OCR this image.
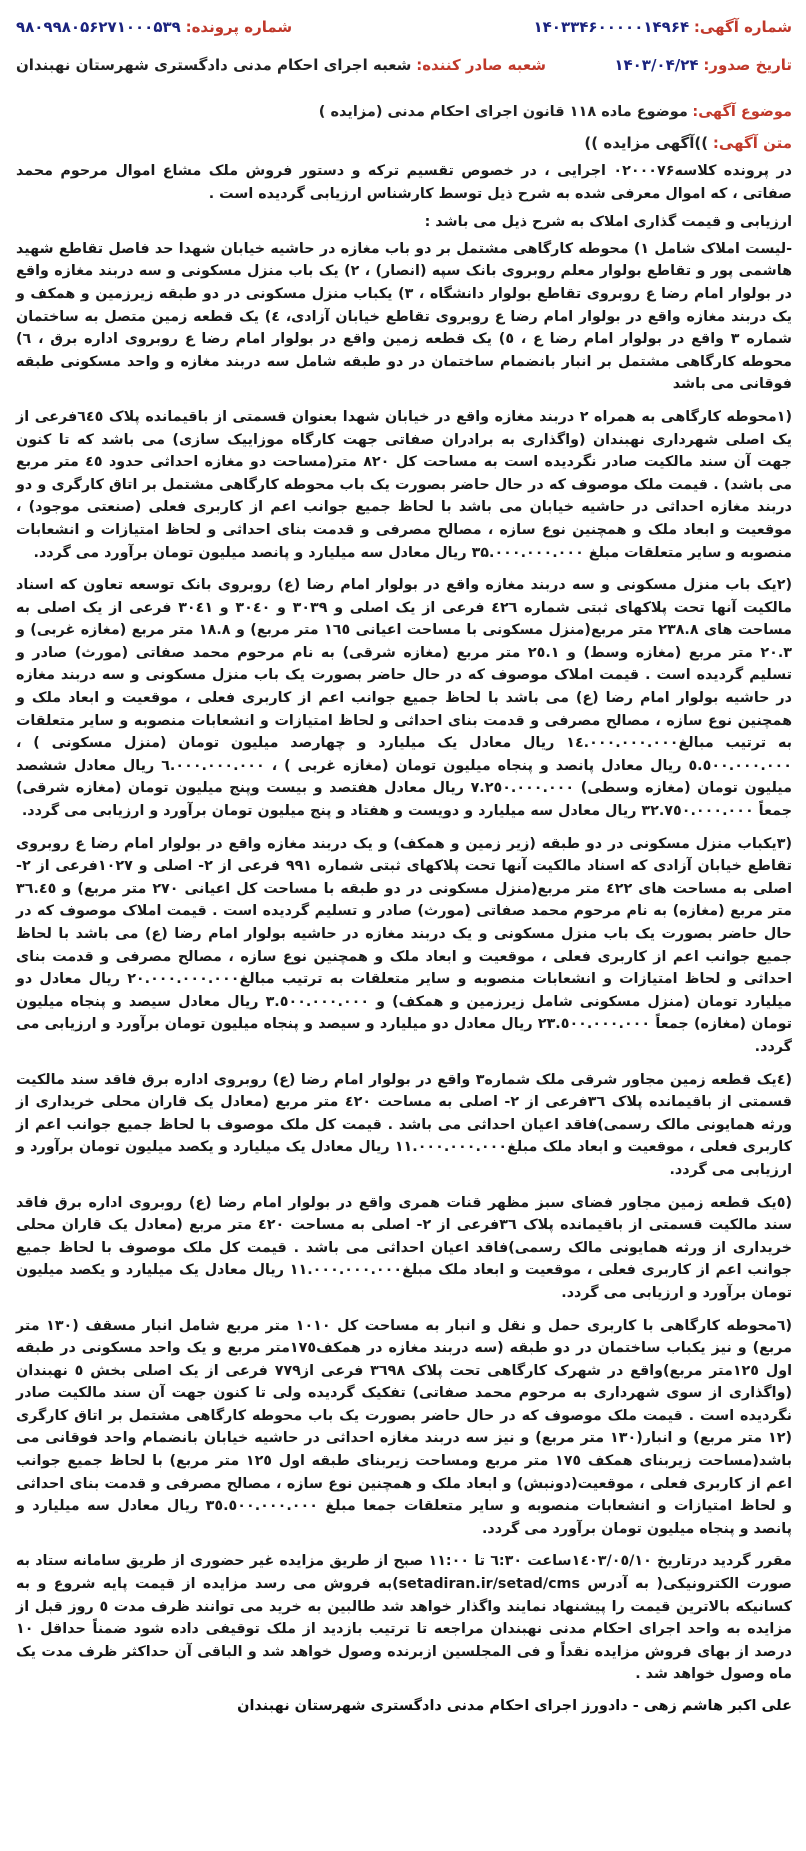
شماره آگهی: ۱۴۰۳۳۴۶۰۰۰۰۰۱۴۹۶۴
شماره پرونده: ۹۸۰۹۹۸۰۵۶۲۷۱۰۰۰۵۳۹
تاریخ صدور: ۱۴۰۳/۰۴/۲۴
شعبه صادر کننده: شعبه اجرای احکام مدنی دادگستری شهرستان نهبندان
موضوع آگهی: موضوع ماده ۱۱۸ قانون اجرای احکام مدنی (مزایده )
متن آگهی: ))آگهی مزایده ))

در پرونده کلاسه۰۲۰۰۰۷۶ اجرایی ، در خصوص تقسیم ترکه و دستور فروش ملک مشاع اموال مرحوم محمد صفاتی ، که اموال معرفی شده به شرح ذیل توسط کارشناس ارزیابی گردیده است .

ارزیابی و قیمت گذاری املاک به شرح ذیل می باشد :

-لیست املاک شامل ۱) محوطه کارگاهی مشتمل بر دو باب مغازه در حاشیه خیابان شهدا حد فاصل تقاطع شهید هاشمی پور و تقاطع بولوار معلم روبروی بانک سپه (انصار) ، ۲) یک باب منزل مسکونی و سه دربند مغازه واقع در بولوار امام رضا ع روبروی تقاطع بولوار دانشگاه ، ۳) یکباب منزل مسکونی در دو طبقه زیرزمین و همکف و یک دربند مغازه واقع در بولوار امام رضا ع روبروی تقاطع خیابان آزادی، ٤) یک قطعه زمین متصل به ساختمان شماره ۳ واقع در بولوار امام رضا ع ، ٥) یک قطعه زمین واقع در بولوار امام رضا ع روبروی اداره برق ، ٦) محوطه کارگاهی مشتمل بر انبار بانضمام ساختمان در دو طبقه شامل سه دربند مغازه و واحد مسکونی طبقه فوقانی می باشد

(۱محوطه کارگاهی به همراه ۲ دربند مغازه واقع در خیابان شهدا بعنوان قسمتی از باقیمانده پلاک ٦٤٥فرعی از یک اصلی شهرداری نهبندان (واگذاری به برادران صفاتی جهت کارگاه موزاییک سازی) می باشد که تا کنون جهت آن سند مالکیت صادر نگردیده است به مساحت کل ۸۲۰ متر(مساحت دو مغازه احداثی حدود ٤٥ متر مربع می باشد) . قیمت ملک موصوف که در حال حاضر بصورت یک باب محوطه کارگاهی مشتمل بر اتاق کارگری و دو دربند مغازه احداثی در حاشیه خیابان می باشد با لحاظ جمیع جوانب اعم از کاربری فعلی (صنعتی موجود) ، موقعیت و ابعاد ملک و همچنین نوع سازه ، مصالح مصرفی و قدمت بنای احداثی و لحاظ امتیازات و انشعابات منصوبه و سایر متعلقات مبلغ ۳۵.۰۰۰.۰۰۰.۰۰۰ ریال معادل سه میلیارد و پانصد میلیون تومان برآورد می گردد.

(۲یک باب منزل مسکونی و سه دربند مغازه واقع در بولوار امام رضا (ع) روبروی بانک توسعه تعاون که اسناد مالکیت آنها تحت پلاکهای ثبتی شماره ٤۲٦ فرعی از یک اصلی و ۳۰۳۹ و ۳۰٤۰ و ۳۰٤۱ فرعی از یک اصلی به مساحت های ۲۳۸.۸ متر مربع(منزل مسکونی با مساحت اعیانی ۱٦٥ متر مربع) و ۱۸.۸ متر مربع (مغازه غربی) و ۲۰.۳ متر مربع (مغازه وسط) و ۲٥.۱ متر مربع (مغازه شرقی) به نام مرحوم محمد صفاتی (مورث) صادر و تسلیم گردیده است . قیمت املاک موصوف که در حال حاضر بصورت یک باب منزل مسکونی و سه دربند مغازه در حاشیه بولوار امام رضا (ع) می باشد با لحاظ جمیع جوانب اعم از کاربری فعلی ، موقعیت و ابعاد ملک و همچنین نوع سازه ، مصالح مصرفی و قدمت بنای احداثی و لحاظ امتیازات و انشعابات منصوبه و سایر متعلقات به ترتیب مبالغ۱٤.۰۰۰.۰۰۰.۰۰۰ ریال معادل یک میلیارد و چهارصد میلیون تومان (منزل مسکونی ) ، ٥.٥۰۰.۰۰۰.۰۰۰ ریال معادل پانصد و پنجاه میلیون تومان (مغازه غربی ) ، ٦.۰۰۰.۰۰۰.۰۰۰ ریال معادل ششصد میلیون تومان (مغازه وسطی) ۷.۲٥۰.۰۰۰.۰۰۰ ریال معادل هفتصد و بیست وپنج میلیون تومان (مغازه شرقی) جمعاً ۳۲.۷٥۰.۰۰۰.۰۰۰ ریال معادل سه میلیارد و دویست و هفتاد و پنج میلیون تومان برآورد و ارزیابی می گردد.

(۳یکباب منزل مسکونی در دو طبقه (زیر زمین و همکف) و یک دربند مغازه واقع در بولوار امام رضا ع روبروی تقاطع خیابان آزادی که اسناد مالکیت آنها تحت پلاکهای ثبتی شماره ۹۹۱ فرعی از ۲- اصلی و ۱۰۲۷فرعی از ۲- اصلی به مساحت های ٤۲۲ متر مربع(منزل مسکونی در دو طبقه با مساحت کل اعیانی ۲۷۰ متر مربع) و ۳٦.٤٥ متر مربع (مغازه) به نام مرحوم محمد صفاتی (مورث) صادر و تسلیم گردیده است . قیمت املاک موصوف که در حال حاضر بصورت یک باب منزل مسکونی و یک دربند مغازه در حاشیه بولوار امام رضا (ع) می باشد با لحاظ جمیع جوانب اعم از کاربری فعلی ، موقعیت و ابعاد ملک و همچنین نوع سازه ، مصالح مصرفی و قدمت بنای احداثی و لحاظ امتیازات و انشعابات منصوبه و سایر متعلقات به ترتیب مبالغ۲۰.۰۰۰.۰۰۰.۰۰۰ ریال معادل دو میلیارد تومان (منزل مسکونی شامل زیرزمین و همکف) و ۳.٥۰۰.۰۰۰.۰۰۰ ریال معادل سیصد و پنجاه میلیون تومان (مغازه) جمعاً ۲۳.٥۰۰.۰۰۰.۰۰۰ ریال معادل دو میلیارد و سیصد و پنجاه میلیون تومان برآورد و ارزیابی می گردد.

(٤یک قطعه زمین مجاور شرقی ملک شماره۳ واقع در بولوار امام رضا (ع) روبروی اداره برق فاقد سند مالکیت قسمتی از باقیمانده پلاک ۳٦فرعی از ۲- اصلی به مساحت ٤۲۰ متر مربع (معادل یک قاران محلی خریداری از ورثه همایونی مالک رسمی)فاقد اعیان احداثی می باشد . قیمت کل ملک موصوف با لحاظ جمیع جوانب اعم از کاربری فعلی ، موقعیت و ابعاد ملک مبلغ۱۱.۰۰۰.۰۰۰.۰۰۰ ریال معادل یک میلیارد و یکصد میلیون تومان برآورد و ارزیابی می گردد.

(٥یک قطعه زمین مجاور فضای سبز مظهر قنات همری واقع در بولوار امام رضا (ع) روبروی اداره برق فاقد سند مالکیت قسمتی از باقیمانده پلاک ۳٦فرعی از ۲- اصلی به مساحت ٤۲۰ متر مربع (معادل یک قاران محلی خریداری از ورثه همایونی مالک رسمی)فاقد اعیان احداثی می باشد . قیمت کل ملک موصوف با لحاظ جمیع جوانب اعم از کاربری فعلی ، موقعیت و ابعاد ملک مبلغ۱۱.۰۰۰.۰۰۰.۰۰۰ ریال معادل یک میلیارد و یکصد میلیون تومان برآورد و ارزیابی می گردد.

(٦محوطه کارگاهی با کاربری حمل و نقل و انبار به مساحت کل ۱۰۱۰ متر مربع شامل انبار مسقف (۱۳۰ متر مربع) و نیز یکباب ساختمان در دو طبقه (سه دربند مغازه در همکف۱۷٥متر مربع و یک واحد مسکونی در طبقه اول ۱۲٥متر مربع)واقع در شهرک کارگاهی تحت پلاک ۳٦۹۸ فرعی از۷۷۹ فرعی از یک اصلی بخش ٥ نهبندان (واگذاری از سوی شهرداری به مرحوم محمد صفاتی) تفکیک گردیده ولی تا کنون جهت آن سند مالکیت صادر نگردیده است . قیمت ملک موصوف که در حال حاضر بصورت یک باب محوطه کارگاهی مشتمل بر اتاق کارگری (۱۲ متر مربع) و انبار(۱۳۰ متر مربع) و نیز سه دربند مغازه احداثی در حاشیه خیابان بانضمام واحد فوقانی می باشد(مساحت زیربنای همکف ۱۷٥ متر مربع ومساحت زیربنای طبقه اول ۱۲٥ متر مربع) با لحاظ جمیع جوانب اعم از کاربری فعلی ، موقعیت(دونبش) و ابعاد ملک و همچنین نوع سازه ، مصالح مصرفی و قدمت بنای احداثی و لحاظ امتیازات و انشعابات منصوبه و سایر متعلقات جمعا مبلغ ۳٥.٥۰۰.۰۰۰.۰۰۰ ریال معادل سه میلیارد و پانصد و پنجاه میلیون تومان برآورد می گردد.

مقرر گردید درتاریخ ۱٤۰۳/۰٥/۱۰ساعت ٦:۳۰ تا ۱۱:۰۰ صبح از طریق مزایده غیر حضوری از طریق سامانه ستاد به صورت الکترونیکی( به آدرس setadiran.ir/setad/cms)به فروش می رسد مزایده از قیمت پایه شروع و به کسانیکه بالاترین قیمت را پیشنهاد نمایند واگذار خواهد شد طالبین به خرید می توانند ظرف مدت ٥ روز قبل از مزایده به واحد اجرای احکام مدنی نهبندان مراجعه تا ترتیب بازدید از ملک توقیفی داده شود ضمناً حداقل ۱۰ درصد از بهای فروش مزایده نقداً و فی المجلسین ازبرنده وصول خواهد شد و الباقی آن حداکثر ظرف مدت یک ماه وصول خواهد شد .

علی اکبر هاشم زهی - دادورز اجرای احکام مدنی دادگستری شهرستان نهبندان
